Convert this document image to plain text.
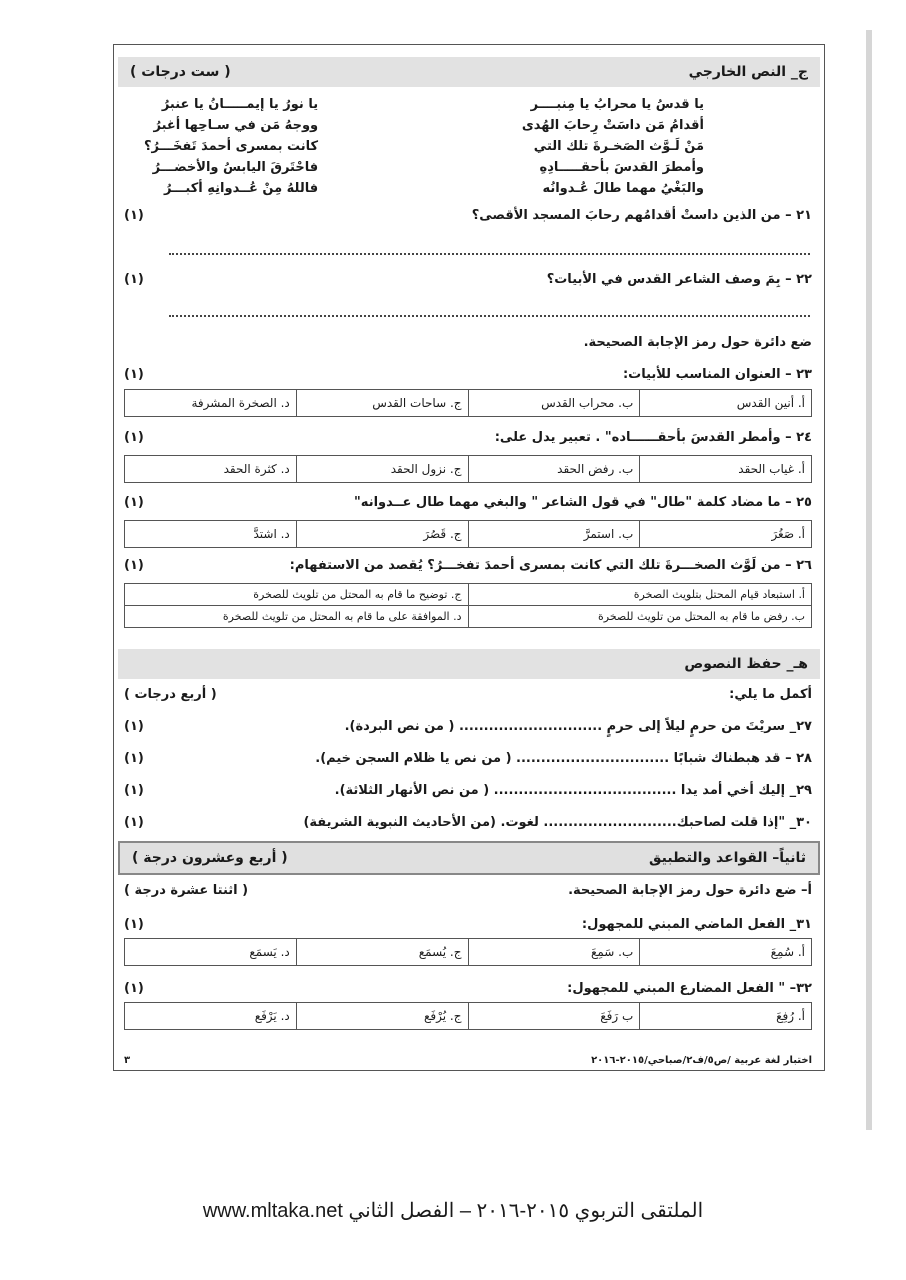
ج_ النص الخارجي
( ست درجات )
يا قدسُ يا محرابُ يا مِنبــــر
أقدامُ مَن داسَتْ رِحابَ الهُدى
مَنْ لَـوَّث الصَخـرةَ تلك التي
وأمطرَ القدسَ بأحقـــــادِهِ
والبَغْيُ مهما طالَ عُـدوانُه
يا نورُ يا إيمـــــانُ يا عنبرُ
ووجهُ مَن في سـاحِها أغبرُ
كانت بمسرى أحمدَ تَفخَـــرُ؟
فاحْتَرقَ اليابسُ والأخضـــرُ
فاللهُ مِنْ عُــدوانِهِ أكبـــرُ
٢١ – من الذين داستْ أقدامُهم رحابَ المسجد الأقصى؟
(١)
٢٢ – بِمَ وصف الشاعر القدس في الأبيات؟
(١)
ضع دائرة حول رمز الإجابة الصحيحة.
٢٣ – العنوان المناسب للأبيات:
(١)
أ. أنين القدس
ب. محراب القدس
ج. ساحات القدس
د. الصخرة المشرفة
٢٤ – وأمطر القدسَ بأحقــــــاده" . تعبير يدل على:
(١)
أ. غياب الحقد
ب. رفض الحقد
ج. نزول الحقد
د. كثرة الحقد
٢٥ – ما مضاد كلمة "طال" في قول الشاعر " والبغي مهما طال عــدوانه"
(١)
أ. صَغُرَ
ب. استمرَّ
ج. قَصُرَ
د. اشتدَّ
٢٦ – من لَوَّث الصخـــرةَ تلك التي كانت بمسرى أحمدَ تفخـــرُ؟ يُقصد من الاستفهام:
(١)
أ. استبعاد قيام المحتل بتلويث الصخرة
ج. توضيح ما قام به المحتل من تلويث للصخرة
ب. رفض ما قام به المحتل من تلويث للصخرة
د. الموافقة على ما قام به المحتل من تلويث للصخرة
هـ_ حفظ النصوص
أكمل ما يلي:
( أربع درجات )
٢٧_ سريْتَ من حرمٍ ليلاً إلى حرمٍ ............................. ( من نص البردة).
(١)
٢٨ – قد هبطناك شبابًا ............................... ( من نص يا ظلام السجن خيم).
(١)
٢٩_ إليك أخي أمد يدا ..................................... ( من نص الأنهار الثلاثة).
(١)
٣٠_ "إذا قلت لصاحبك........................... لغوت. (من الأحاديث النبوية الشريفة)
(١)
ثانياً– القواعد والتطبيق
( أربع وعشرون درجة )
أ– ضع دائرة حول رمز الإجابة الصحيحة.
( اثنتا عشرة درجة )
٣١_ الفعل الماضي المبني للمجهول:
(١)
أ. سُمِعَ
ب. سَمِعَ
ج. يُسمَع
د. يَسمَع
٣٢– " الفعل المضارع المبني للمجهول:
(١)
أ. رُفِعَ
ب رَفَعَ
ج. يُرْفَع
د. يَرْفَع
اختبار لغة عربية /ص٥/ف٢/صباحي/٢٠١٥-٢٠١٦
٣
الملتقى التربوي ٢٠١٥-٢٠١٦ – الفصل الثاني www.mltaka.net
